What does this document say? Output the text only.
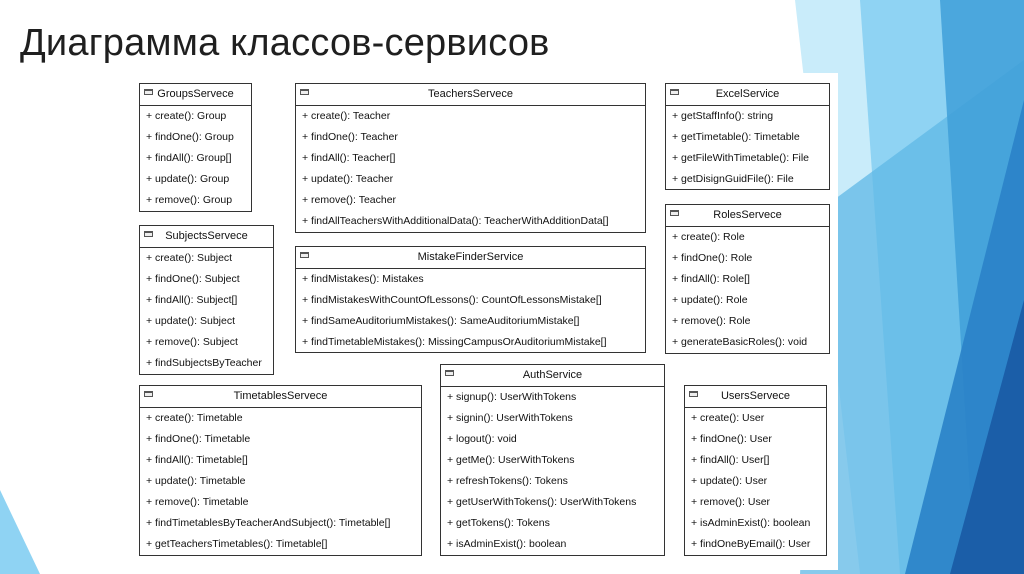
Диаграмма классов-сервисов
GroupsServece
+ create(): Group
+ findOne(): Group
+ findAll(): Group[]
+ update(): Group
+ remove(): Group
TeachersServece
+ create(): Teacher
+ findOne(): Teacher
+ findAll(): Teacher[]
+ update(): Teacher
+ remove(): Teacher
+ findAllTeachersWithAdditionalData(): TeacherWithAdditionData[]
ExcelService
+ getStaffInfo(): string
+ getTimetable(): Timetable
+ getFileWithTimetable(): File
+ getDisignGuidFile(): File
SubjectsServece
+ create(): Subject
+ findOne(): Subject
+ findAll(): Subject[]
+ update(): Subject
+ remove(): Subject
+ findSubjectsByTeacher
MistakeFinderService
+ findMistakes(): Mistakes
+ findMistakesWithCountOfLessons(): CountOfLessonsMistake[]
+ findSameAuditoriumMistakes(): SameAuditoriumMistake[]
+ findTimetableMistakes(): MissingCampusOrAuditoriumMistake[]
RolesServece
+ create(): Role
+ findOne(): Role
+ findAll(): Role[]
+ update(): Role
+ remove(): Role
+ generateBasicRoles(): void
TimetablesServece
+ create(): Timetable
+ findOne(): Timetable
+ findAll(): Timetable[]
+ update(): Timetable
+ remove(): Timetable
+ findTimetablesByTeacherAndSubject(): Timetable[]
+ getTeachersTimetables(): Timetable[]
AuthService
+ signup(): UserWithTokens
+ signin(): UserWithTokens
+ logout(): void
+ getMe(): UserWithTokens
+ refreshTokens(): Tokens
+ getUserWithTokens(): UserWithTokens
+ getTokens(): Tokens
+ isAdminExist(): boolean
UsersServece
+ create(): User
+ findOne(): User
+ findAll(): User[]
+ update(): User
+ remove(): User
+ isAdminExist(): boolean
+ findOneByEmail(): User
